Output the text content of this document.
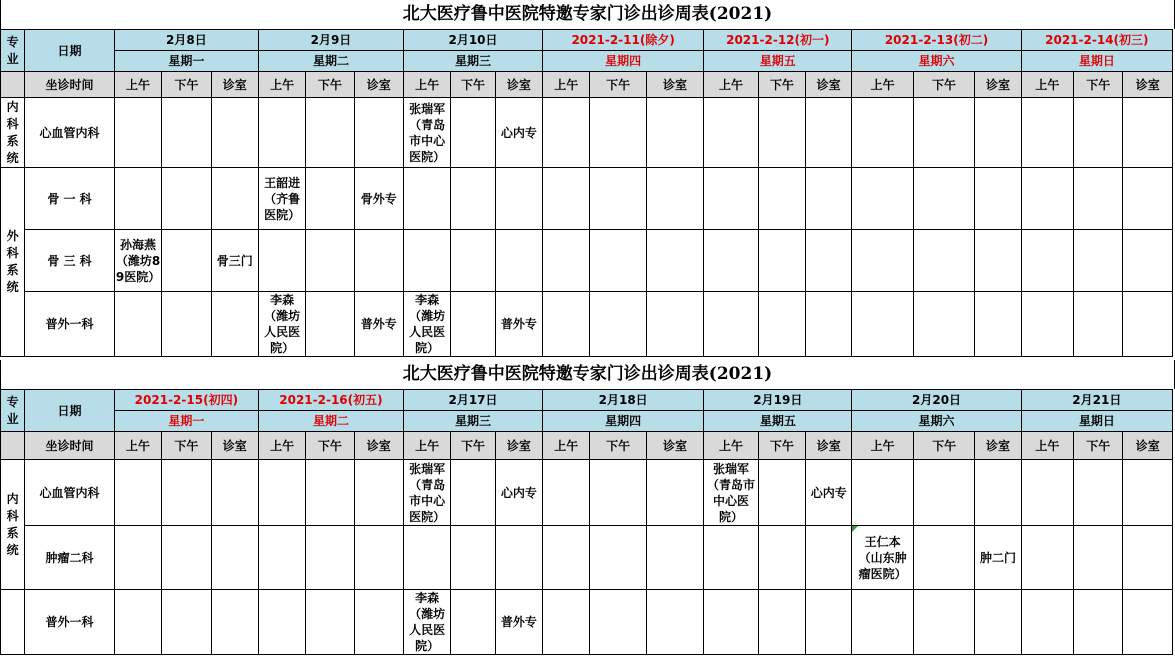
北大医疗鲁中医院特邀专家门诊出诊周表(2021)
专业	日期	2月8日			2月9日			2月10日			2021-2-11(除夕)			2021-2-12(初一)			2021-2-13(初二)			2021-2-14(初三)		
		星期一			星期二			星期三			星期四			星期五			星期六			星期日		
	坐诊时间	上午	下午	诊室	上午	下午	诊室	上午	下午	诊室	上午	下午	诊室	上午	下午	诊室	上午	下午	诊室	上午	下午	诊室

内科系统	心血管内科							张瑞军（青岛市中心医院）		心内专												

外科系统	骨 一 科				王韶进（齐鲁医院）		骨外专															
	骨 三 科	孙海燕（潍坊89医院）		骨三门																		
	普外一科				李森（潍坊人民医院）		普外专	李森（潍坊人民医院）		普外专												
北大医疗鲁中医院特邀专家门诊出诊周表(2021)
专业	日期	2021-2-15(初四)			2021-2-16(初五)			2月17日			2月18日			2月19日			2月20日			2月21日		
		星期一			星期二			星期三			星期四			星期五			星期六			星期日		
	坐诊时间	上午	下午	诊室	上午	下午	诊室	上午	下午	诊室	上午	下午	诊室	上午	下午	诊室	上午	下午	诊室	上午	下午	诊室

内科系统	心血管内科							张瑞军（青岛市中心医院）		心内专				张瑞军（青岛市中心医院）		心内专						
	肿瘤二科																王仁本（山东肿瘤医院）		肿二门			
	普外一科							李森（潍坊人民医院）		普外专												
